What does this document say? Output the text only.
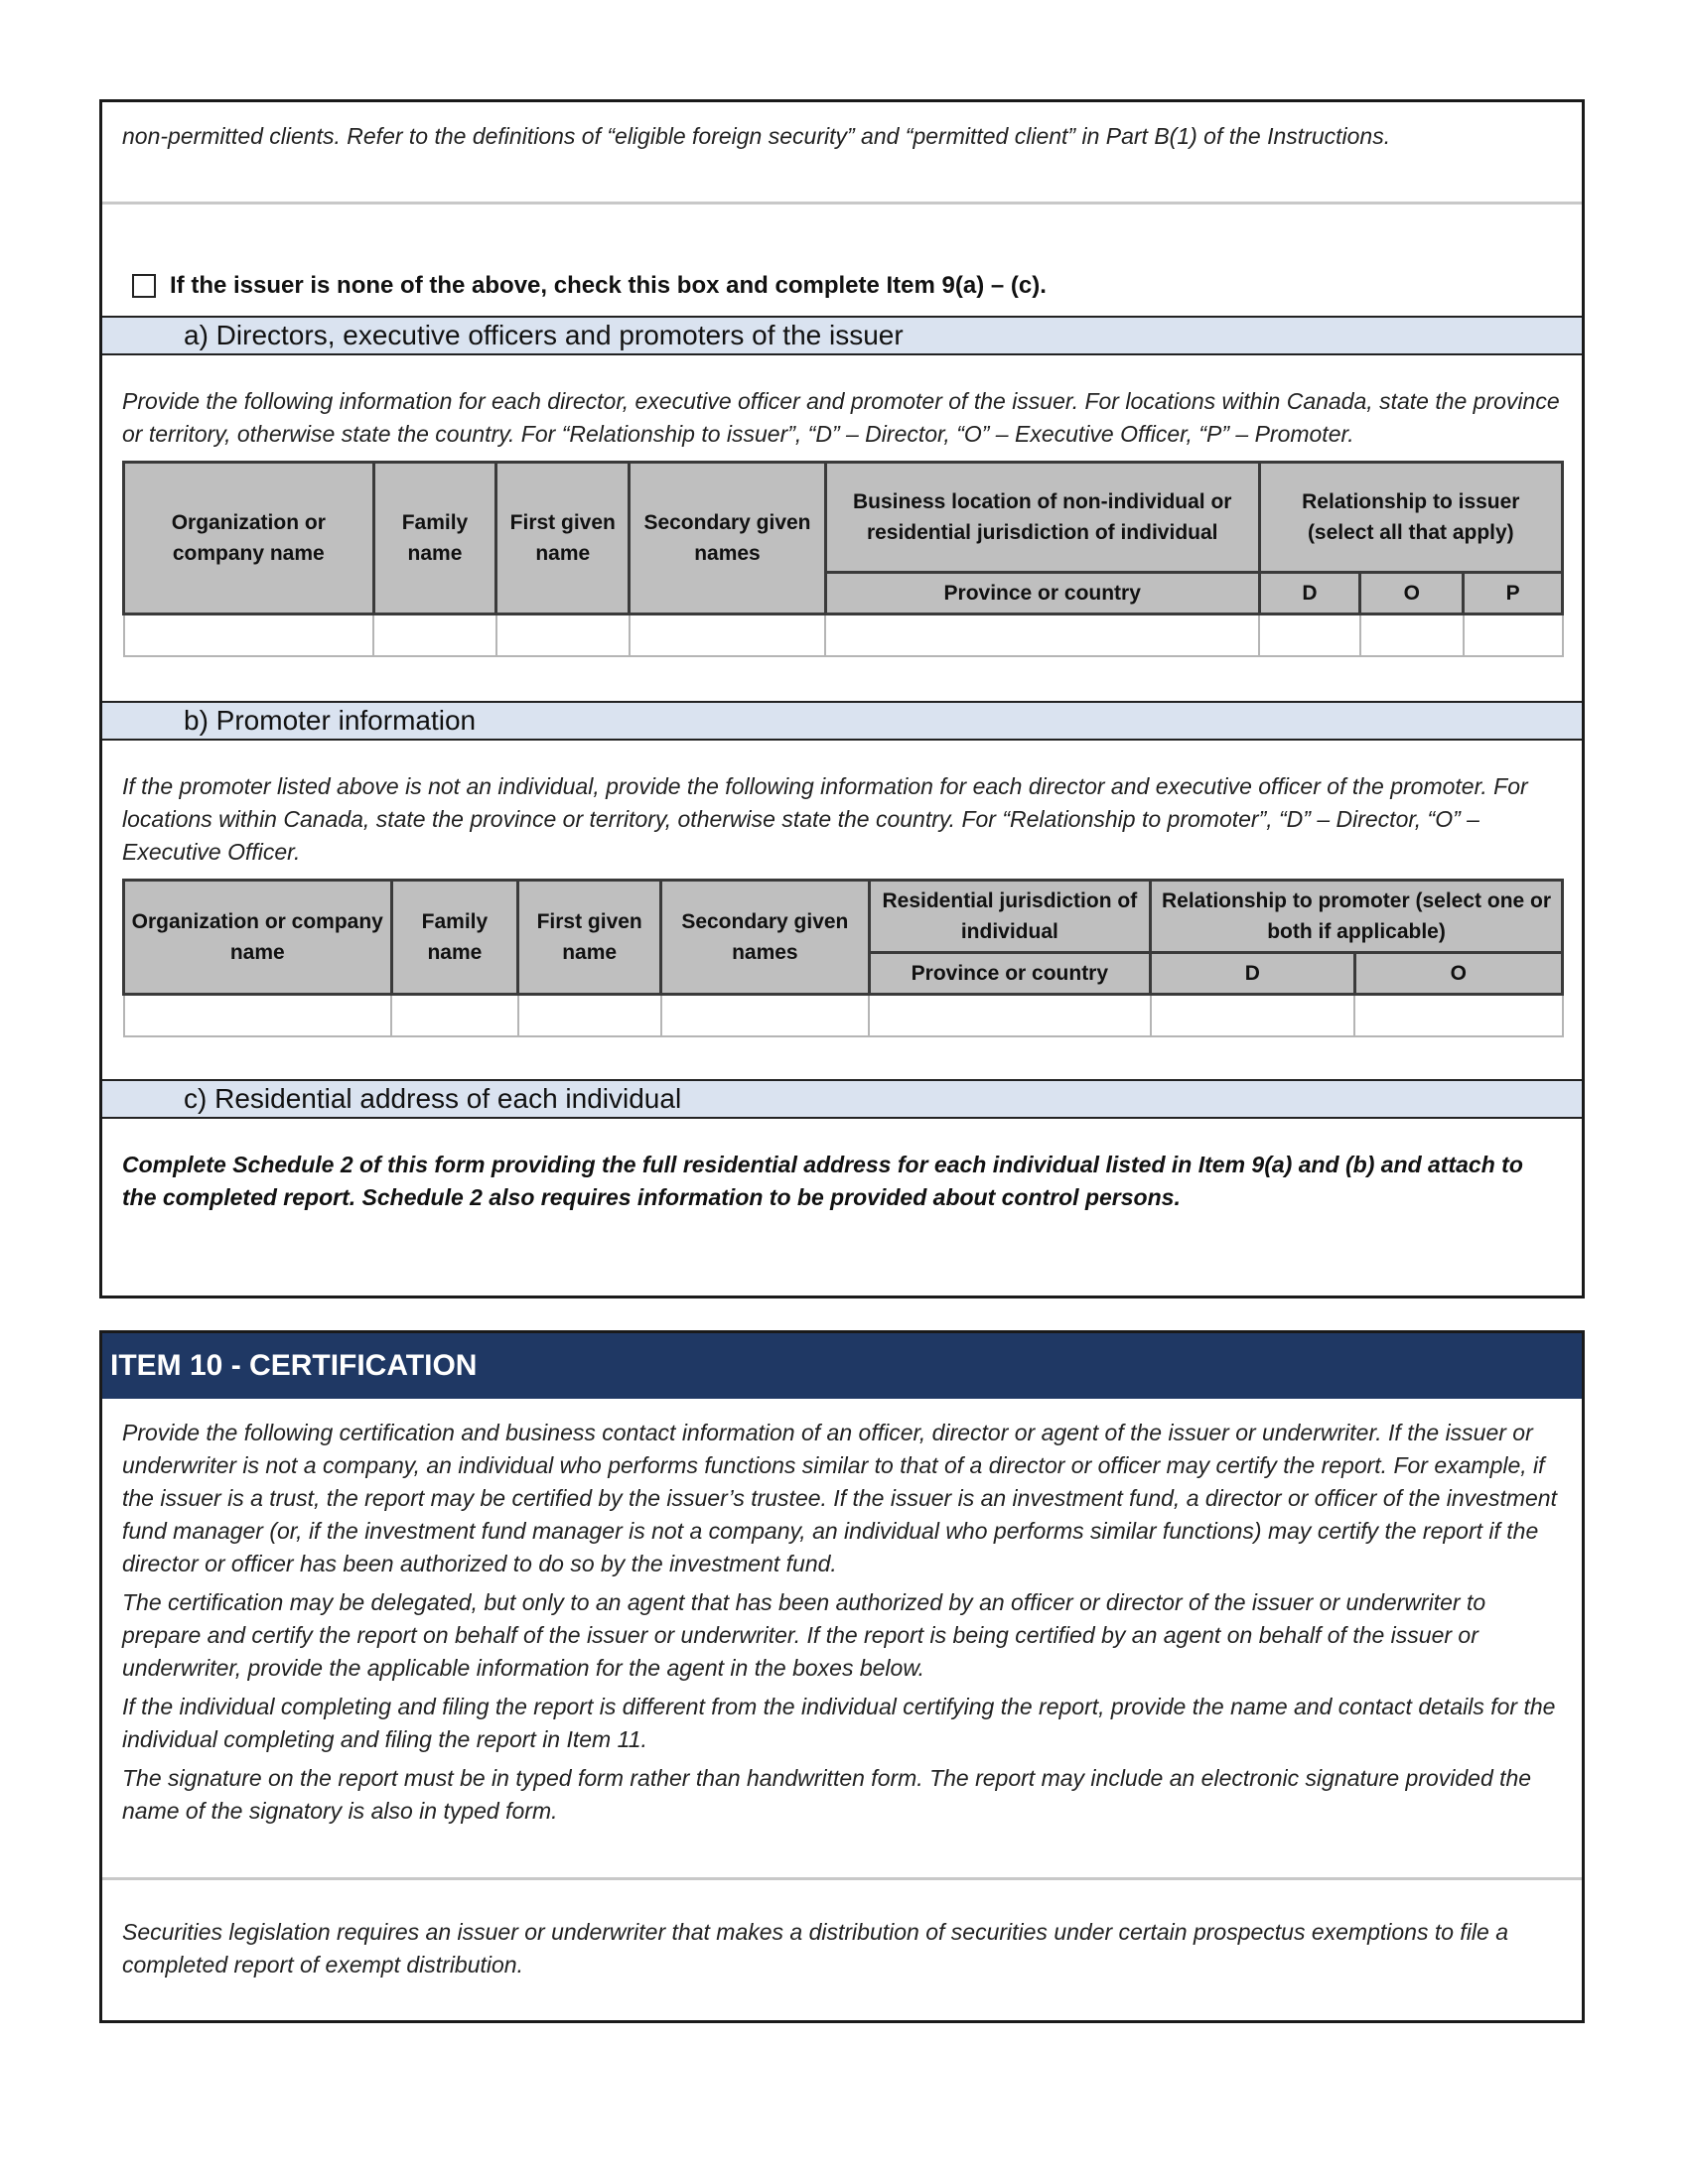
non-permitted clients. Refer to the definitions of “eligible foreign security” and “permitted client” in Part B(1) of the Instructions.
If the issuer is none of the above, check this box and complete Item 9(a) – (c).
a) Directors, executive officers and promoters of the issuer
Provide the following information for each director, executive officer and promoter of the issuer. For locations within Canada, state the province or territory, otherwise state the country. For “Relationship to issuer”, “D” – Director, “O” – Executive Officer, “P” – Promoter.
Organization or company name	Family name	First given name	Secondary given names	Business location of non-individual or residential jurisdiction of individual	Relationship to issuer (select all that apply)		
				Province or country	D	O	P

b) Promoter information
If the promoter listed above is not an individual, provide the following information for each director and executive officer of the promoter. For locations within Canada, state the province or territory, otherwise state the country. For “Relationship to promoter”, “D” – Director, “O” – Executive Officer.
Organization or company name	Family name	First given name	Secondary given names	Residential jurisdiction of individual	Relationship to promoter (select one or both if applicable)	
				Province or country	D	O

c) Residential address of each individual
Complete Schedule 2 of this form providing the full residential address for each individual listed in Item 9(a) and (b) and attach to the completed report. Schedule 2 also requires information to be provided about control persons.
ITEM 10 - CERTIFICATION

Provide the following certification and business contact information of an officer, director or agent of the issuer or underwriter. If the issuer or underwriter is not a company, an individual who performs functions similar to that of a director or officer may certify the report. For example, if the issuer is a trust, the report may be certified by the issuer’s trustee. If the issuer is an investment fund, a director or officer of the investment fund manager (or, if the investment fund manager is not a company, an individual who performs similar functions) may certify the report if the director or officer has been authorized to do so by the investment fund.

The certification may be delegated, but only to an agent that has been authorized by an officer or director of the issuer or underwriter to prepare and certify the report on behalf of the issuer or underwriter. If the report is being certified by an agent on behalf of the issuer or underwriter, provide the applicable information for the agent in the boxes below.

If the individual completing and filing the report is different from the individual certifying the report, provide the name and contact details for the individual completing and filing the report in Item 11.

The signature on the report must be in typed form rather than handwritten form. The report may include an electronic signature provided the name of the signatory is also in typed form.

Securities legislation requires an issuer or underwriter that makes a distribution of securities under certain prospectus exemptions to file a completed report of exempt distribution.
